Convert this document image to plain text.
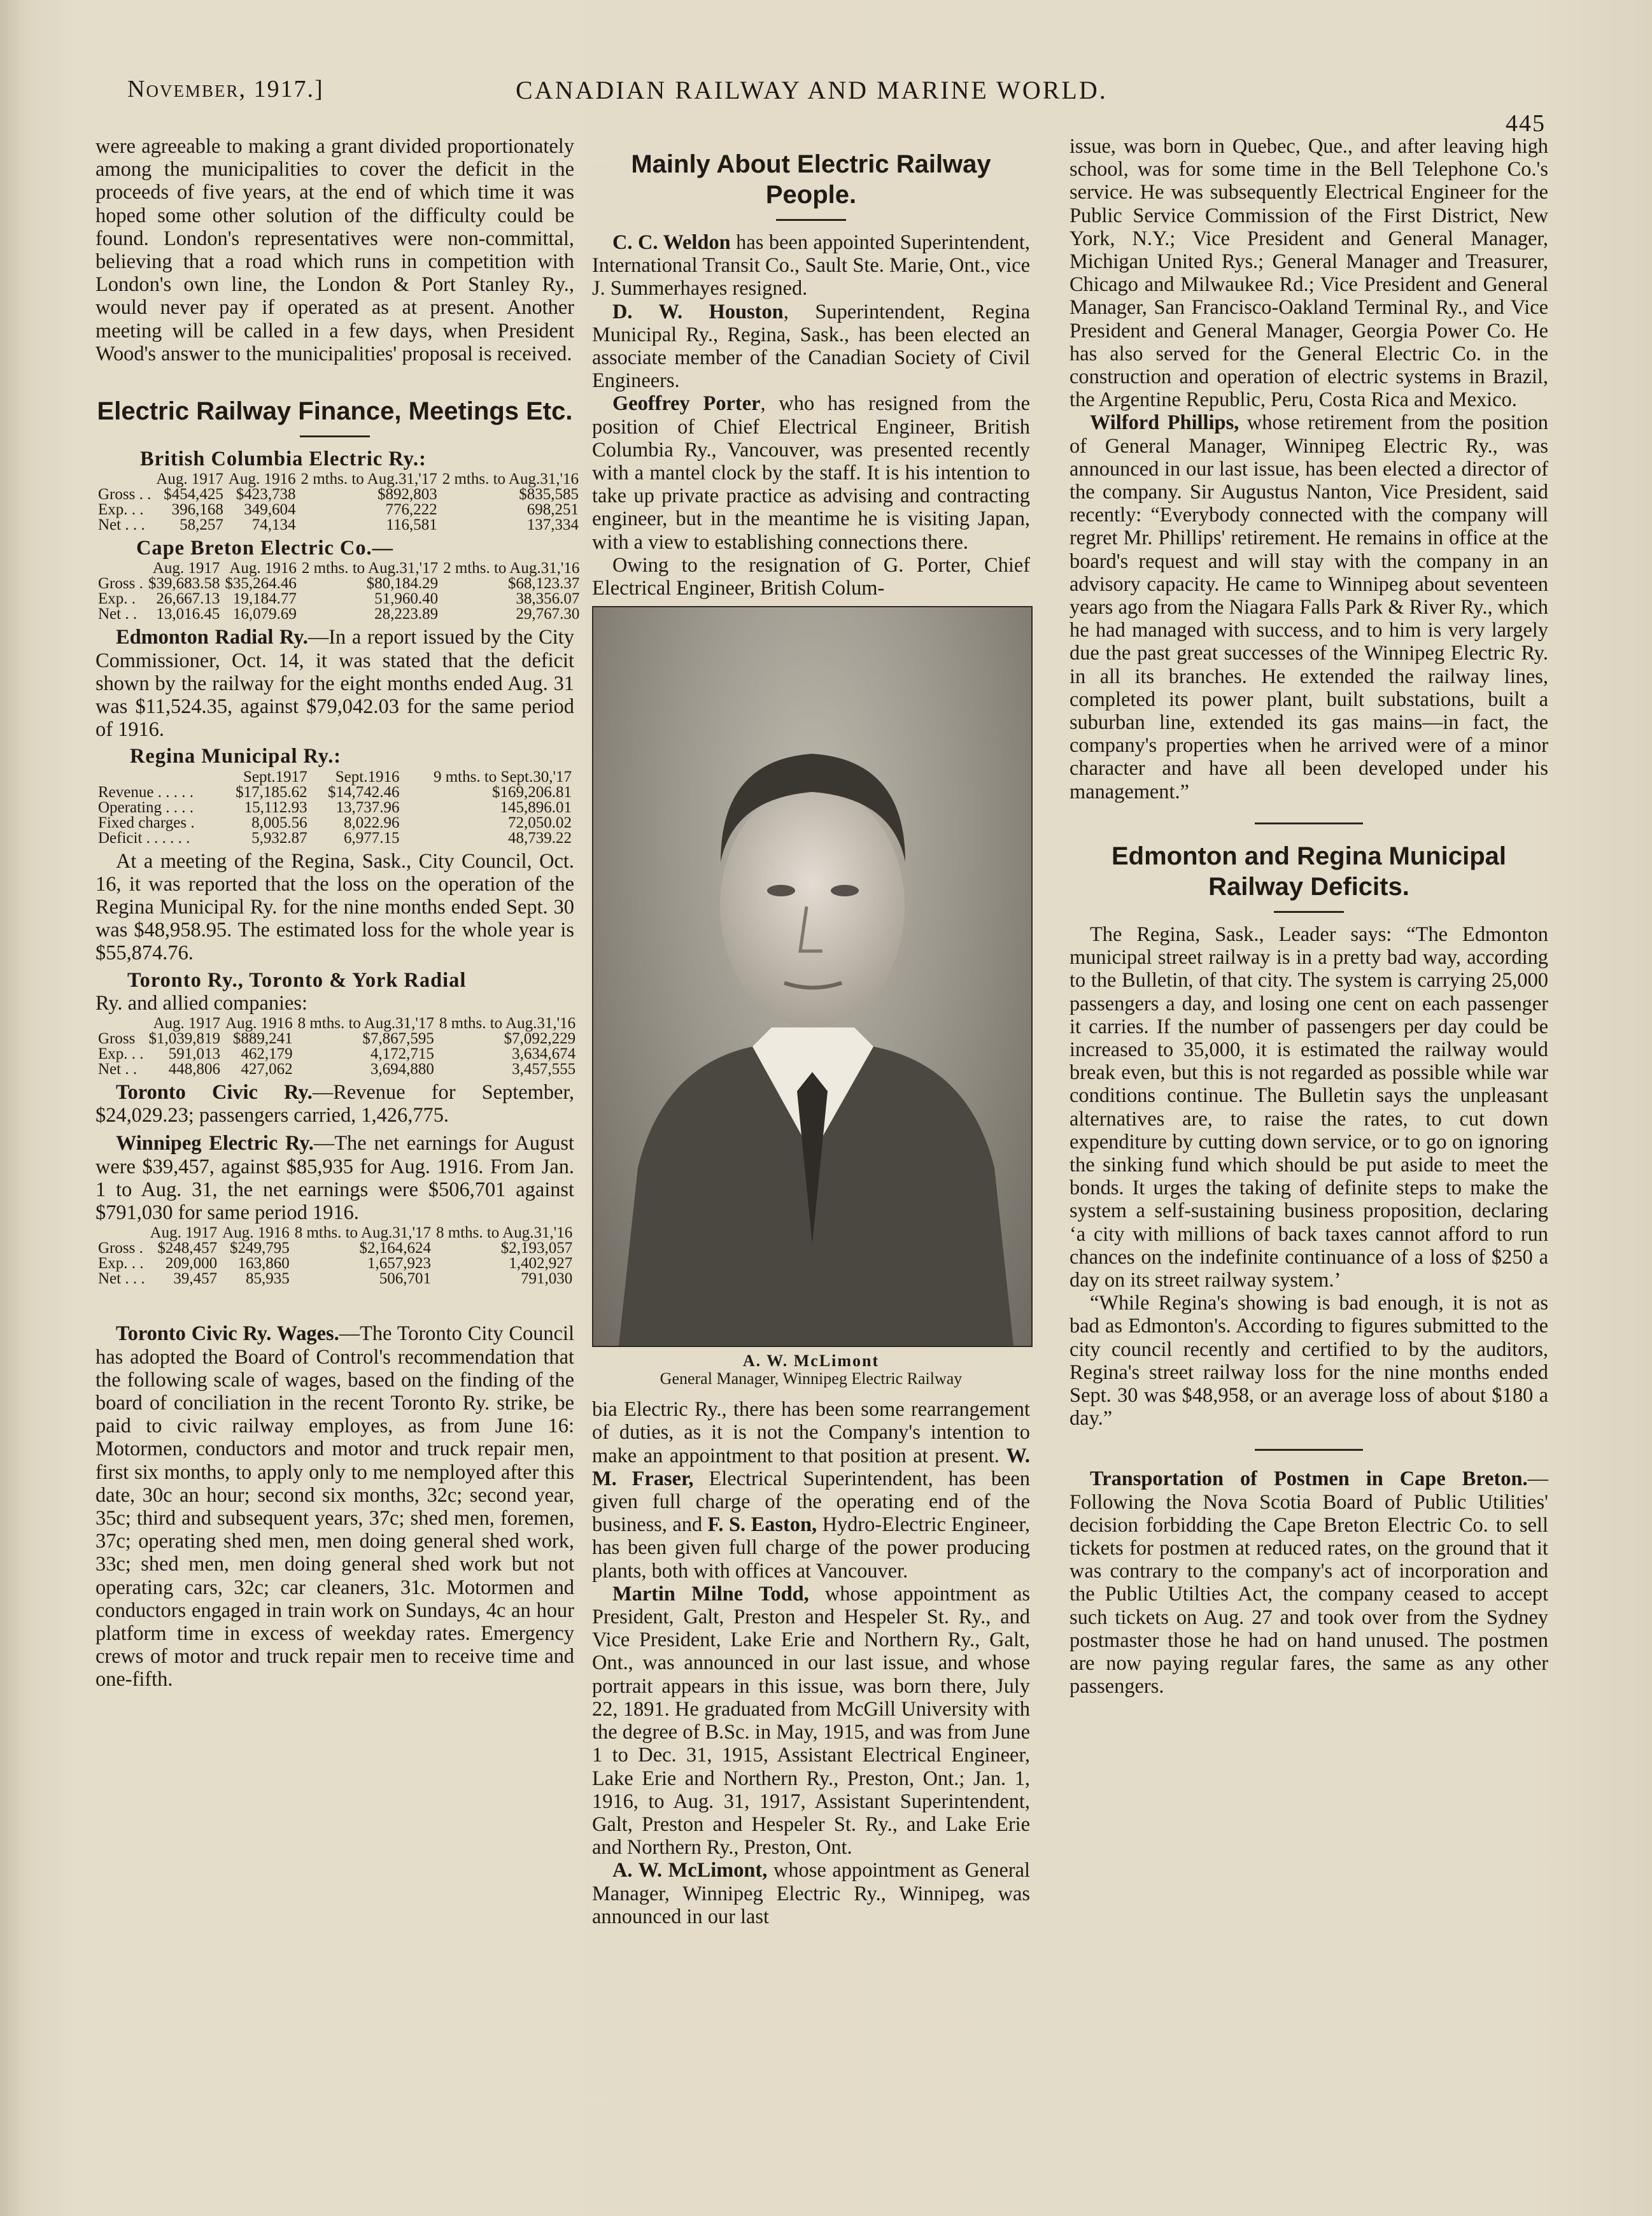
November, 1917.]	CANADIAN RAILWAY AND MARINE WORLD.
445

were agreeable to making a grant divided proportionately among the municipalities to cover the deficit in the proceeds of five years, at the end of which time it was hoped some other solution of the difficulty could be found. London's representatives were non-committal, believing that a road which runs in competition with London's own line, the London & Port Stanley Ry., would never pay if operated as at present. Another meeting will be called in a few days, when President Wood's answer to the municipalities' proposal is received.

Electric Railway Finance, Meetings Etc.
British Columbia Electric Ry.:
	Aug. 1917	Aug. 1916	2 mths. to Aug.31,'17	2 mths. to Aug.31,'16
Gross . .	$454,425	$423,738	$892,803	$835,585
Exp. . .	396,168	349,604	776,222	698,251
Net . . .	58,257	74,134	116,581	137,334
Cape Breton Electric Co.—
	Aug. 1917	Aug. 1916	2 mths. to Aug.31,'17	2 mths. to Aug.31,'16
Gross .	$39,683.58	$35,264.46	$80,184.29	$68,123.37
Exp. .	26,667.13	19,184.77	51,960.40	38,356.07
Net . .	13,016.45	16,079.69	28,223.89	29,767.30

Edmonton Radial Ry.—In a report issued by the City Commissioner, Oct. 14, it was stated that the deficit shown by the railway for the eight months ended Aug. 31 was $11,524.35, against $79,042.03 for the same period of 1916.

Regina Municipal Ry.:
	Sept.1917	Sept.1916	9 mths. to Sept.30,'17
Revenue . . . . .	$17,185.62	$14,742.46	$169,206.81
Operating . . . .	15,112.93	13,737.96	145,896.01
Fixed charges .	8,005.56	8,022.96	72,050.02
Deficit . . . . . .	5,932.87	6,977.15	48,739.22

At a meeting of the Regina, Sask., City Council, Oct. 16, it was reported that the loss on the operation of the Regina Municipal Ry. for the nine months ended Sept. 30 was $48,958.95. The estimated loss for the whole year is $55,874.76.

Toronto Ry., Toronto & York Radial
Ry. and allied companies:
	Aug. 1917	Aug. 1916	8 mths. to Aug.31,'17	8 mths. to Aug.31,'16
Gross	$1,039,819	$889,241	$7,867,595	$7,092,229
Exp. . .	591,013	462,179	4,172,715	3,634,674
Net . .	448,806	427,062	3,694,880	3,457,555

Toronto Civic Ry.—Revenue for September, $24,029.23; passengers carried, 1,426,775.

Winnipeg Electric Ry.—The net earnings for August were $39,457, against $85,935 for Aug. 1916. From Jan. 1 to Aug. 31, the net earnings were $506,701 against $791,030 for same period 1916.

	Aug. 1917	Aug. 1916	8 mths. to Aug.31,'17	8 mths. to Aug.31,'16
Gross .	$248,457	$249,795	$2,164,624	$2,193,057
Exp. . .	209,000	163,860	1,657,923	1,402,927
Net . . .	39,457	85,935	506,701	791,030

Toronto Civic Ry. Wages.—The Toronto City Council has adopted the Board of Control's recommendation that the following scale of wages, based on the finding of the board of conciliation in the recent Toronto Ry. strike, be paid to civic railway employes, as from June 16: Motormen, conductors and motor and truck repair men, first six months, to apply only to me nemployed after this date, 30c an hour; second six months, 32c; second year, 35c; third and subsequent years, 37c; shed men, foremen, 37c; operating shed men, men doing general shed work, 33c; shed men, men doing general shed work but not operating cars, 32c; car cleaners, 31c. Motormen and conductors engaged in train work on Sundays, 4c an hour platform time in excess of weekday rates. Emergency crews of motor and truck repair men to receive time and one-fifth.

Mainly About Electric Railway People.

C. C. Weldon has been appointed Superintendent, International Transit Co., Sault Ste. Marie, Ont., vice J. Summerhayes resigned.

D. W. Houston, Superintendent, Regina Municipal Ry., Regina, Sask., has been elected an associate member of the Canadian Society of Civil Engineers.

Geoffrey Porter, who has resigned from the position of Chief Electrical Engineer, British Columbia Ry., Vancouver, was presented recently with a mantel clock by the staff. It is his intention to take up private practice as advising and contracting engineer, but in the meantime he is visiting Japan, with a view to establishing connections there.

Owing to the resignation of G. Porter, Chief Electrical Engineer, British Colum-

A. W. McLimont
General Manager, Winnipeg Electric Railway

bia Electric Ry., there has been some rearrangement of duties, as it is not the Company's intention to make an appointment to that position at present. W. M. Fraser, Electrical Superintendent, has been given full charge of the operating end of the business, and F. S. Easton, Hydro-Electric Engineer, has been given full charge of the power producing plants, both with offices at Vancouver.

Martin Milne Todd, whose appointment as President, Galt, Preston and Hespeler St. Ry., and Vice President, Lake Erie and Northern Ry., Galt, Ont., was announced in our last issue, and whose portrait appears in this issue, was born there, July 22, 1891. He graduated from McGill University with the degree of B.Sc. in May, 1915, and was from June 1 to Dec. 31, 1915, Assistant Electrical Engineer, Lake Erie and Northern Ry., Preston, Ont.; Jan. 1, 1916, to Aug. 31, 1917, Assistant Superintendent, Galt, Preston and Hespeler St. Ry., and Lake Erie and Northern Ry., Preston, Ont.

A. W. McLimont, whose appointment as General Manager, Winnipeg Electric Ry., Winnipeg, was announced in our last

issue, was born in Quebec, Que., and after leaving high school, was for some time in the Bell Telephone Co.'s service. He was subsequently Electrical Engineer for the Public Service Commission of the First District, New York, N.Y.; Vice President and General Manager, Michigan United Rys.; General Manager and Treasurer, Chicago and Milwaukee Rd.; Vice President and General Manager, San Francisco-Oakland Terminal Ry., and Vice President and General Manager, Georgia Power Co. He has also served for the General Electric Co. in the construction and operation of electric systems in Brazil, the Argentine Republic, Peru, Costa Rica and Mexico.

Wilford Phillips, whose retirement from the position of General Manager, Winnipeg Electric Ry., was announced in our last issue, has been elected a director of the company. Sir Augustus Nanton, Vice President, said recently: “Everybody connected with the company will regret Mr. Phillips' retirement. He remains in office at the board's request and will stay with the company in an advisory capacity. He came to Winnipeg about seventeen years ago from the Niagara Falls Park & River Ry., which he had managed with success, and to him is very largely due the past great successes of the Winnipeg Electric Ry. in all its branches. He extended the railway lines, completed its power plant, built substations, built a suburban line, extended its gas mains—in fact, the company's properties when he arrived were of a minor character and have all been developed under his management.”

Edmonton and Regina Municipal Railway Deficits.

The Regina, Sask., Leader says: “The Edmonton municipal street railway is in a pretty bad way, according to the Bulletin, of that city. The system is carrying 25,000 passengers a day, and losing one cent on each passenger it carries. If the number of passengers per day could be increased to 35,000, it is estimated the railway would break even, but this is not regarded as possible while war conditions continue. The Bulletin says the unpleasant alternatives are, to raise the rates, to cut down expenditure by cutting down service, or to go on ignoring the sinking fund which should be put aside to meet the bonds. It urges the taking of definite steps to make the system a self-sustaining business proposition, declaring ‘a city with millions of back taxes cannot afford to run chances on the indefinite continuance of a loss of $250 a day on its street railway system.’

“While Regina's showing is bad enough, it is not as bad as Edmonton's. According to figures submitted to the city council recently and certified to by the auditors, Regina's street railway loss for the nine months ended Sept. 30 was $48,958, or an average loss of about $180 a day.”

Transportation of Postmen in Cape Breton.—Following the Nova Scotia Board of Public Utilities' decision forbidding the Cape Breton Electric Co. to sell tickets for postmen at reduced rates, on the ground that it was contrary to the company's act of incorporation and the Public Utilties Act, the company ceased to accept such tickets on Aug. 27 and took over from the Sydney postmaster those he had on hand unused. The postmen are now paying regular fares, the same as any other passengers.
